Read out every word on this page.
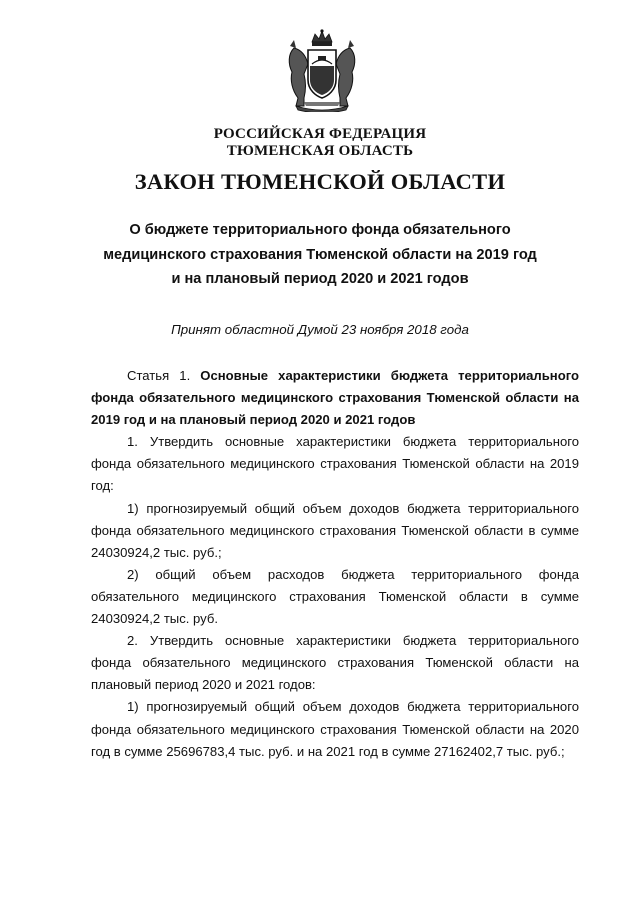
РОССИЙСКАЯ ФЕДЕРАЦИЯ
ТЮМЕНСКАЯ ОБЛАСТЬ
ЗАКОН ТЮМЕНСКОЙ ОБЛАСТИ
О бюджете территориального фонда обязательного
медицинского страхования Тюменской области на 2019 год
и на плановый период 2020 и 2021 годов
Принят областной Думой 23 ноября 2018 года

Статья 1. Основные характеристики бюджета территориального фонда обязательного медицинского страхования Тюменской области на 2019 год и на плановый период 2020 и 2021 годов

1. Утвердить основные характеристики бюджета территориального фонда обязательного медицинского страхования Тюменской области на 2019 год:

1) прогнозируемый общий объем доходов бюджета территориального фонда обязательного медицинского страхования Тюменской области в сумме 24030924,2 тыс. руб.;

2) общий объем расходов бюджета территориального фонда обязательного медицинского страхования Тюменской области в сумме 24030924,2 тыс. руб.

2. Утвердить основные характеристики бюджета территориального фонда обязательного медицинского страхования Тюменской области на плановый период 2020 и 2021 годов:

1) прогнозируемый общий объем доходов бюджета территориального фонда обязательного медицинского страхования Тюменской области на 2020 год в сумме 25696783,4 тыс. руб. и на 2021 год в сумме 27162402,7 тыс. руб.;
